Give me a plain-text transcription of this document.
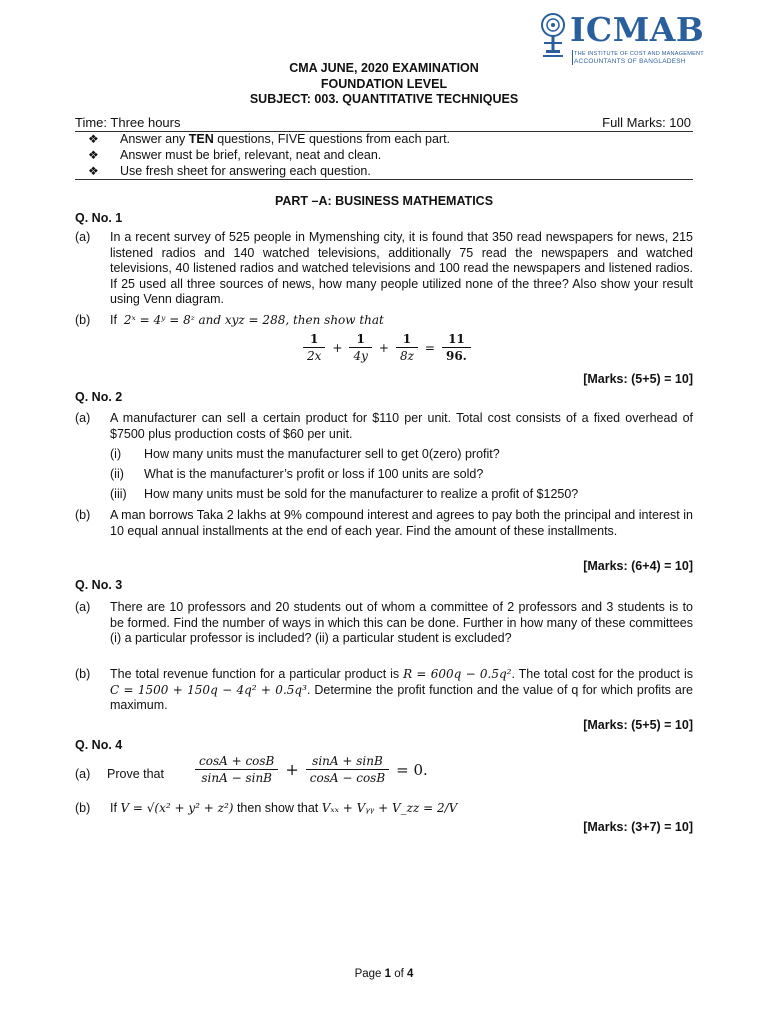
ICMAB
THE INSTITUTE OF COST AND MANAGEMENT
ACCOUNTANTS OF BANGLADESH
CMA JUNE, 2020 EXAMINATION
FOUNDATION LEVEL
SUBJECT: 003. QUANTITATIVE TECHNIQUES
Time: Three hours	Full Marks: 100
❖ Answer any TEN questions, FIVE questions from each part.
❖ Answer must be brief, relevant, neat and clean.
❖ Use fresh sheet for answering each question.
PART –A: BUSINESS MATHEMATICS
Q. No. 1
(a) In a recent survey of 525 people in Mymenshing city, it is found that 350 read newspapers for news, 215 listened radios and 140 watched televisions, additionally 75 read the newspapers and watched televisions, 40 listened radios and watched televisions and 100 read the newspapers and listened radios. If 25 used all three sources of news, how many people utilized none of the three? Also show your result using Venn diagram.
(b) If 2ˣ = 4ʸ = 8ᶻ and xyz = 288, then show that
$\frac{1}{2x} + \frac{1}{4y} + \frac{1}{8z} = \frac{11}{96.}$
[Marks: (5+5) = 10]
Q. No. 2
(a) A manufacturer can sell a certain product for $110 per unit. Total cost consists of a fixed overhead of $7500 plus production costs of $60 per unit.
(i) How many units must the manufacturer sell to get 0(zero) profit?
(ii) What is the manufacturer’s profit or loss if 100 units are sold?
(iii) How many units must be sold for the manufacturer to realize a profit of $1250?
(b) A man borrows Taka 2 lakhs at 9% compound interest and agrees to pay both the principal and interest in 10 equal annual installments at the end of each year. Find the amount of these installments.
[Marks: (6+4) = 10]
Q. No. 3
(a) There are 10 professors and 20 students out of whom a committee of 2 professors and 3 students is to be formed. Find the number of ways in which this can be done. Further in how many of these committees (i) a particular professor is included? (ii) a particular student is excluded?
(b) The total revenue function for a particular product is R = 600q − 0.5q². The total cost for the product is C = 1500 + 150q − 4q² + 0.5q³. Determine the profit function and the value of q for which profits are maximum.
[Marks: (5+5) = 10]
Q. No. 4
(a) Prove that	$\frac{\cos A + \cos B}{\sin A - \sin B} + \frac{\sin A + \sin B}{\cos A - \cos B} = 0$.
(b) If V = √(x² + y² + z²) then show that Vₓₓ + Vᵧᵧ + V_zz = 2/V
[Marks: (3+7) = 10]
Page 1 of 4
